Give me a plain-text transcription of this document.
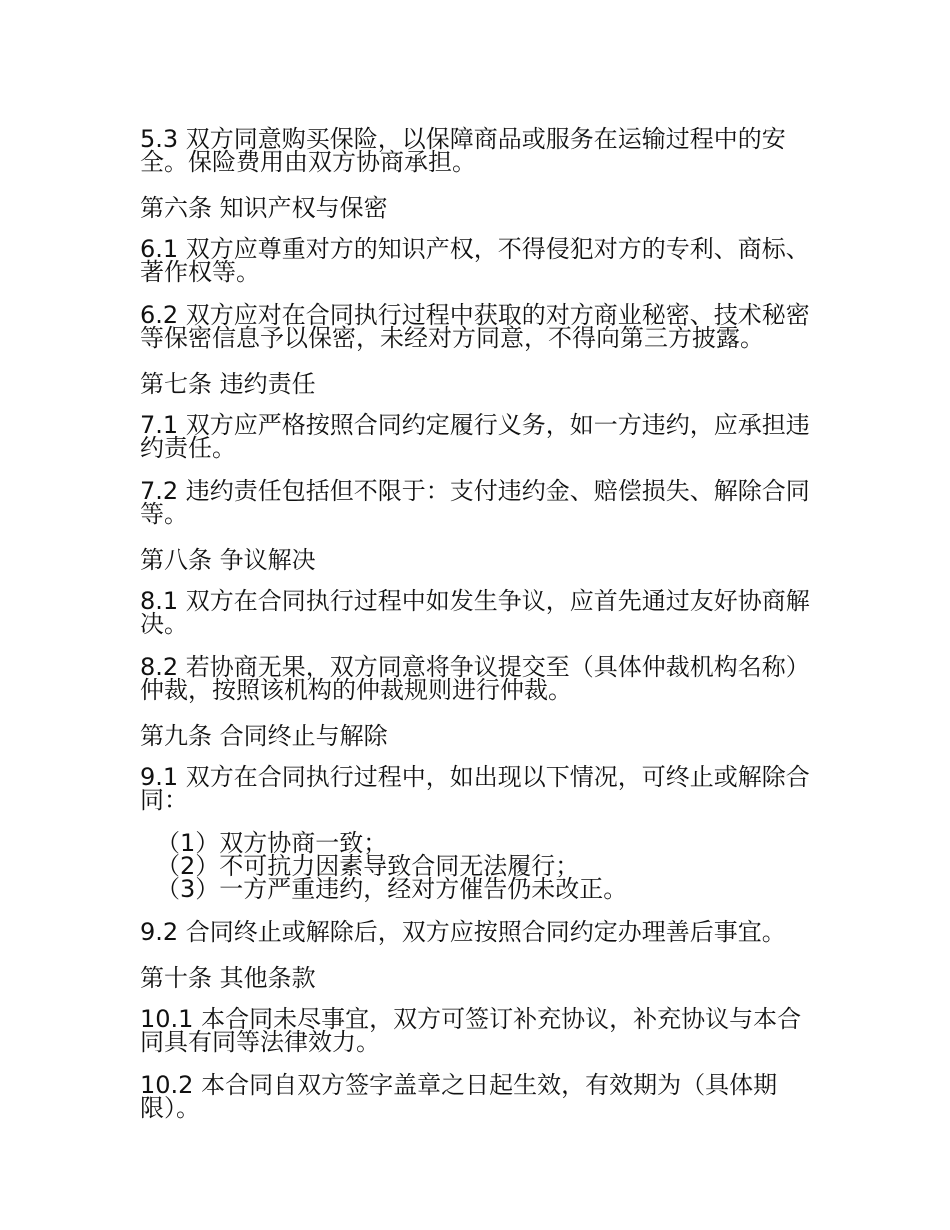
5.3 双方同意购买保险，以保障商品或服务在运输过程中的安全。保险费用由双方协商承担。

第六条 知识产权与保密

6.1 双方应尊重对方的知识产权，不得侵犯对方的专利、商标、著作权等。

6.2 双方应对在合同执行过程中获取的对方商业秘密、技术秘密等保密信息予以保密，未经对方同意，不得向第三方披露。

第七条 违约责任

7.1 双方应严格按照合同约定履行义务，如一方违约，应承担违约责任。

7.2 违约责任包括但不限于：支付违约金、赔偿损失、解除合同等。

第八条 争议解决

8.1 双方在合同执行过程中如发生争议，应首先通过友好协商解决。

8.2 若协商无果，双方同意将争议提交至（具体仲裁机构名称）仲裁，按照该机构的仲裁规则进行仲裁。

第九条 合同终止与解除

9.1 双方在合同执行过程中，如出现以下情况，可终止或解除合同：

（1）双方协商一致；
（2）不可抗力因素导致合同无法履行；
（3）一方严重违约，经对方催告仍未改正。

9.2 合同终止或解除后，双方应按照合同约定办理善后事宜。

第十条 其他条款

10.1 本合同未尽事宜，双方可签订补充协议，补充协议与本合同具有同等法律效力。

10.2 本合同自双方签字盖章之日起生效，有效期为（具体期限）。
